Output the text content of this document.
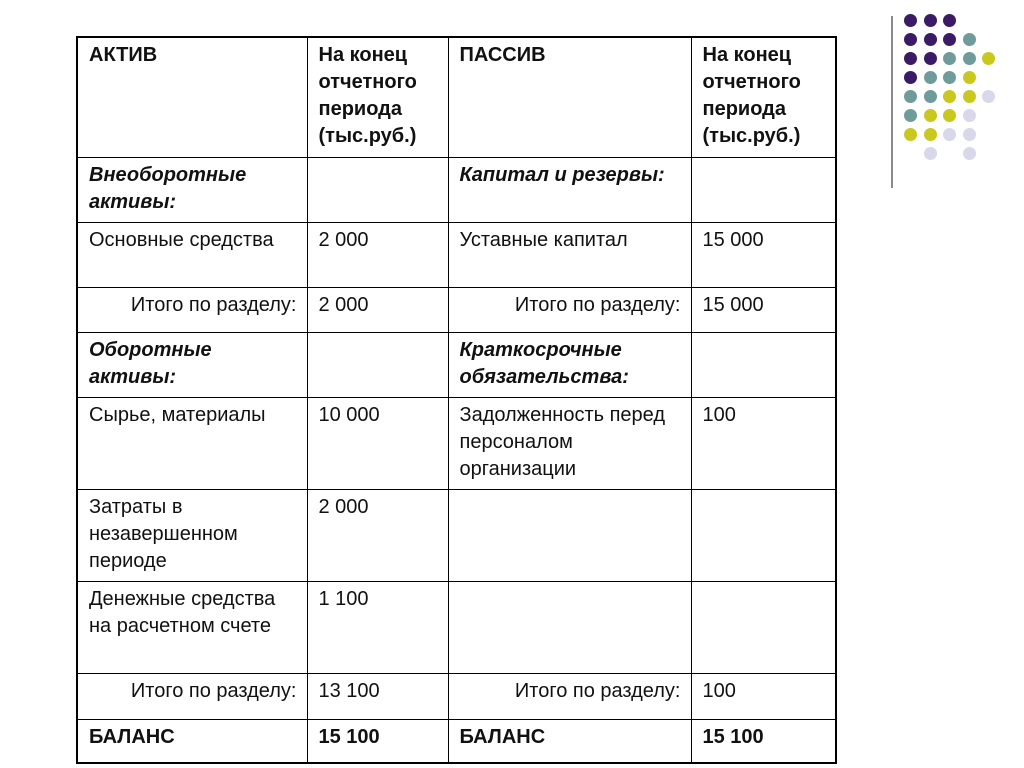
АКТИВ	На конец отчетного периода (тыс.руб.)	ПАССИВ	На конец отчетного периода (тыс.руб.)
Внеоборотные активы:		Капитал и резервы:	
Основные средства	2 000	Уставные капитал	15 000
Итого по разделу:	2 000	Итого по разделу:	15 000
Оборотные активы:		Краткосрочные обязательства:	
Сырье, материалы	10 000	Задолженность перед персоналом организации	100
Затраты в незавершенном периоде	2 000		
Денежные средства на расчетном счете	1 100		
Итого по разделу:	13 100	Итого по разделу:	100
БАЛАНС	15 100	БАЛАНС	15 100
